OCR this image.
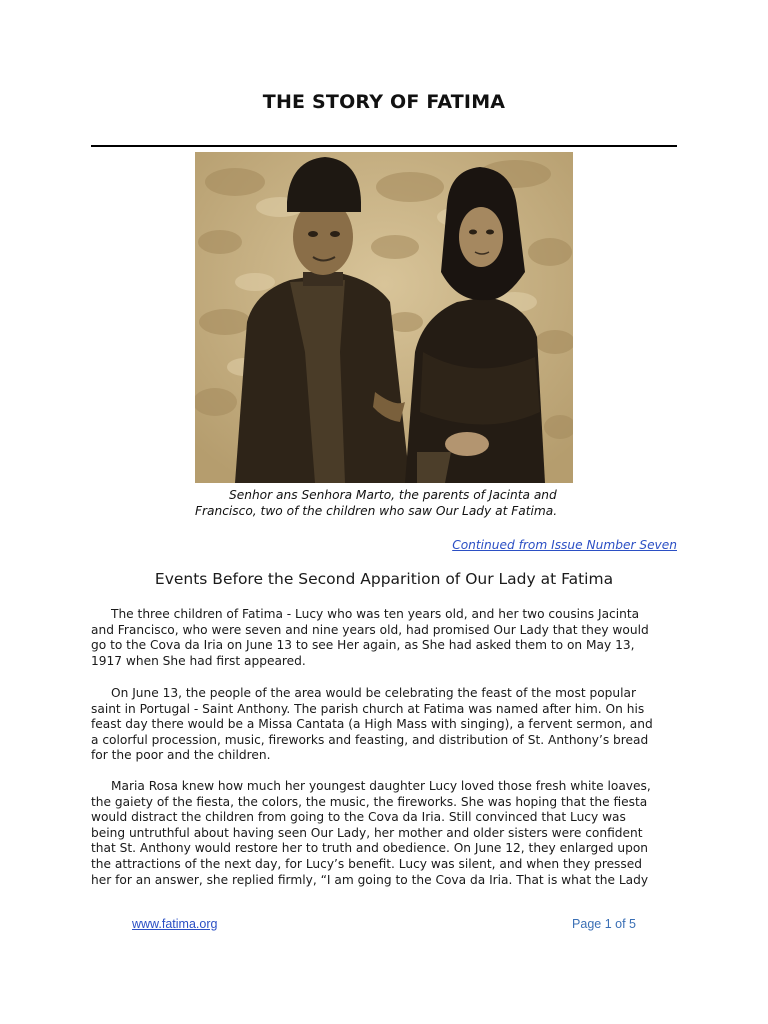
THE STORY OF FATIMA
Senhor ans Senhora Marto, the parents of Jacinta and
Francisco, two of the children who saw Our Lady at Fatima.
Continued from Issue Number Seven
Events Before the Second Apparition of Our Lady at Fatima

The three children of Fatima - Lucy who was ten years old, and her two cousins Jacinta
and Francisco, who were seven and nine years old, had promised Our Lady that they would
go to the Cova da Iria on June 13 to see Her again, as She had asked them to on May 13,
1917 when She had first appeared.

On June 13, the people of the area would be celebrating the feast of the most popular
saint in Portugal - Saint Anthony. The parish church at Fatima was named after him. On his
feast day there would be a Missa Cantata (a High Mass with singing), a fervent sermon, and
a colorful procession, music, fireworks and feasting, and distribution of St. Anthony’s bread
for the poor and the children.

Maria Rosa knew how much her youngest daughter Lucy loved those fresh white loaves,
the gaiety of the fiesta, the colors, the music, the fireworks. She was hoping that the fiesta
would distract the children from going to the Cova da Iria. Still convinced that Lucy was
being untruthful about having seen Our Lady, her mother and older sisters were confident
that St. Anthony would restore her to truth and obedience. On June 12, they enlarged upon
the attractions of the next day, for Lucy’s benefit. Lucy was silent, and when they pressed
her for an answer, she replied firmly, “I am going to the Cova da Iria. That is what the Lady

www.fatima.org	Page 1 of 5
